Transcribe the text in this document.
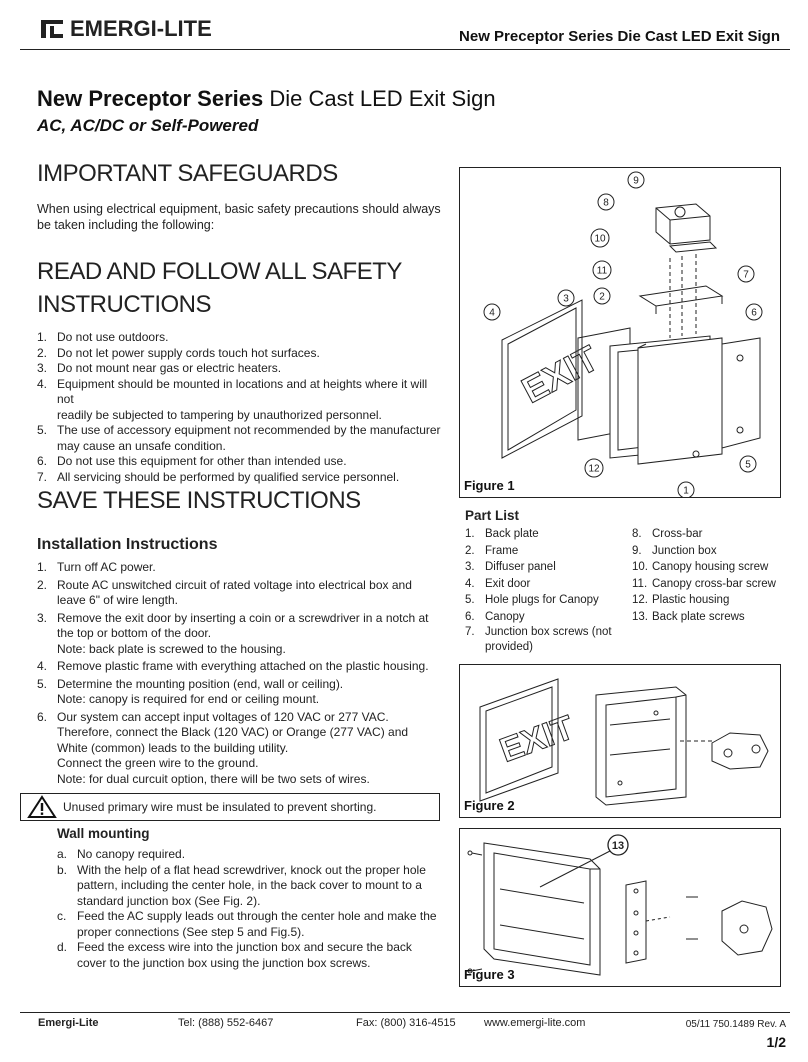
EMERGI-LITE	New Preceptor Series Die Cast LED Exit Sign
New Preceptor Series Die Cast LED Exit Sign
AC, AC/DC or Self-Powered
IMPORTANT SAFEGUARDS
When using electrical equipment, basic safety precautions should always
be taken including the following:
READ AND FOLLOW ALL SAFETY
INSTRUCTIONS
1. Do not use outdoors.
2. Do not let power supply cords touch hot surfaces.
3. Do not mount near gas or electric heaters.
4. Equipment should be mounted in locations and at heights where it will not
readily be subjected to tampering by unauthorized personnel.
5. The use of accessory equipment not recommended by the manufacturer
may cause an unsafe condition.
6. Do not use this equipment for other than intended use.
7. All servicing should be performed by qualified service personnel.
SAVE THESE INSTRUCTIONS
Installation Instructions
1. Turn off AC power.
2. Route AC unswitched circuit of rated voltage into electrical box and
leave 6" of wire length.
3. Remove the exit door by inserting a coin or a screwdriver in a notch at
the top or bottom of the door.
Note: back plate is screwed to the housing.
4. Remove plastic frame with everything attached on the plastic housing.
5. Determine the mounting position (end, wall or ceiling).
Note: canopy is required for end or ceiling mount.
6. Our system can accept input voltages of 120 VAC or 277 VAC.
Therefore, connect the Black (120 VAC) or Orange (277 VAC) and
White (common) leads to the building utility.
Connect the green wire to the ground.
Note: for dual curcuit option, there will be two sets of wires.
Unused primary wire must be insulated to prevent shorting.
Wall mounting
a. No canopy required.
b. With the help of a flat head screwdriver, knock out the proper hole
pattern, including the center hole, in the back cover to mount to a
standard junction box (See Fig. 2).
c. Feed the AC supply leads out through the center hole and make the
proper connections (See step 5 and Fig.5).
d. Feed the excess wire into the junction box and secure the back
cover to the junction box using the junction box screws.
EXIT
9
8
10
11	7
4
3	2
6
12	5
1
Figure 1
Part List
1. Back plate
2. Frame
3. Diffuser panel
4. Exit door
5. Hole plugs for Canopy
6. Canopy
7. Junction box screws (not
provided)
8. Cross-bar
9. Junction box
10. Canopy housing screw
11. Canopy cross-bar screw
12. Plastic housing
13. Back plate screws
EXIT
Figure 2
13
Figure 3
Emergi-Lite	Tel: (888) 552-6467	Fax: (800) 316-4515	www.emergi-lite.com	05/11 750.1489 Rev. A
1/2
